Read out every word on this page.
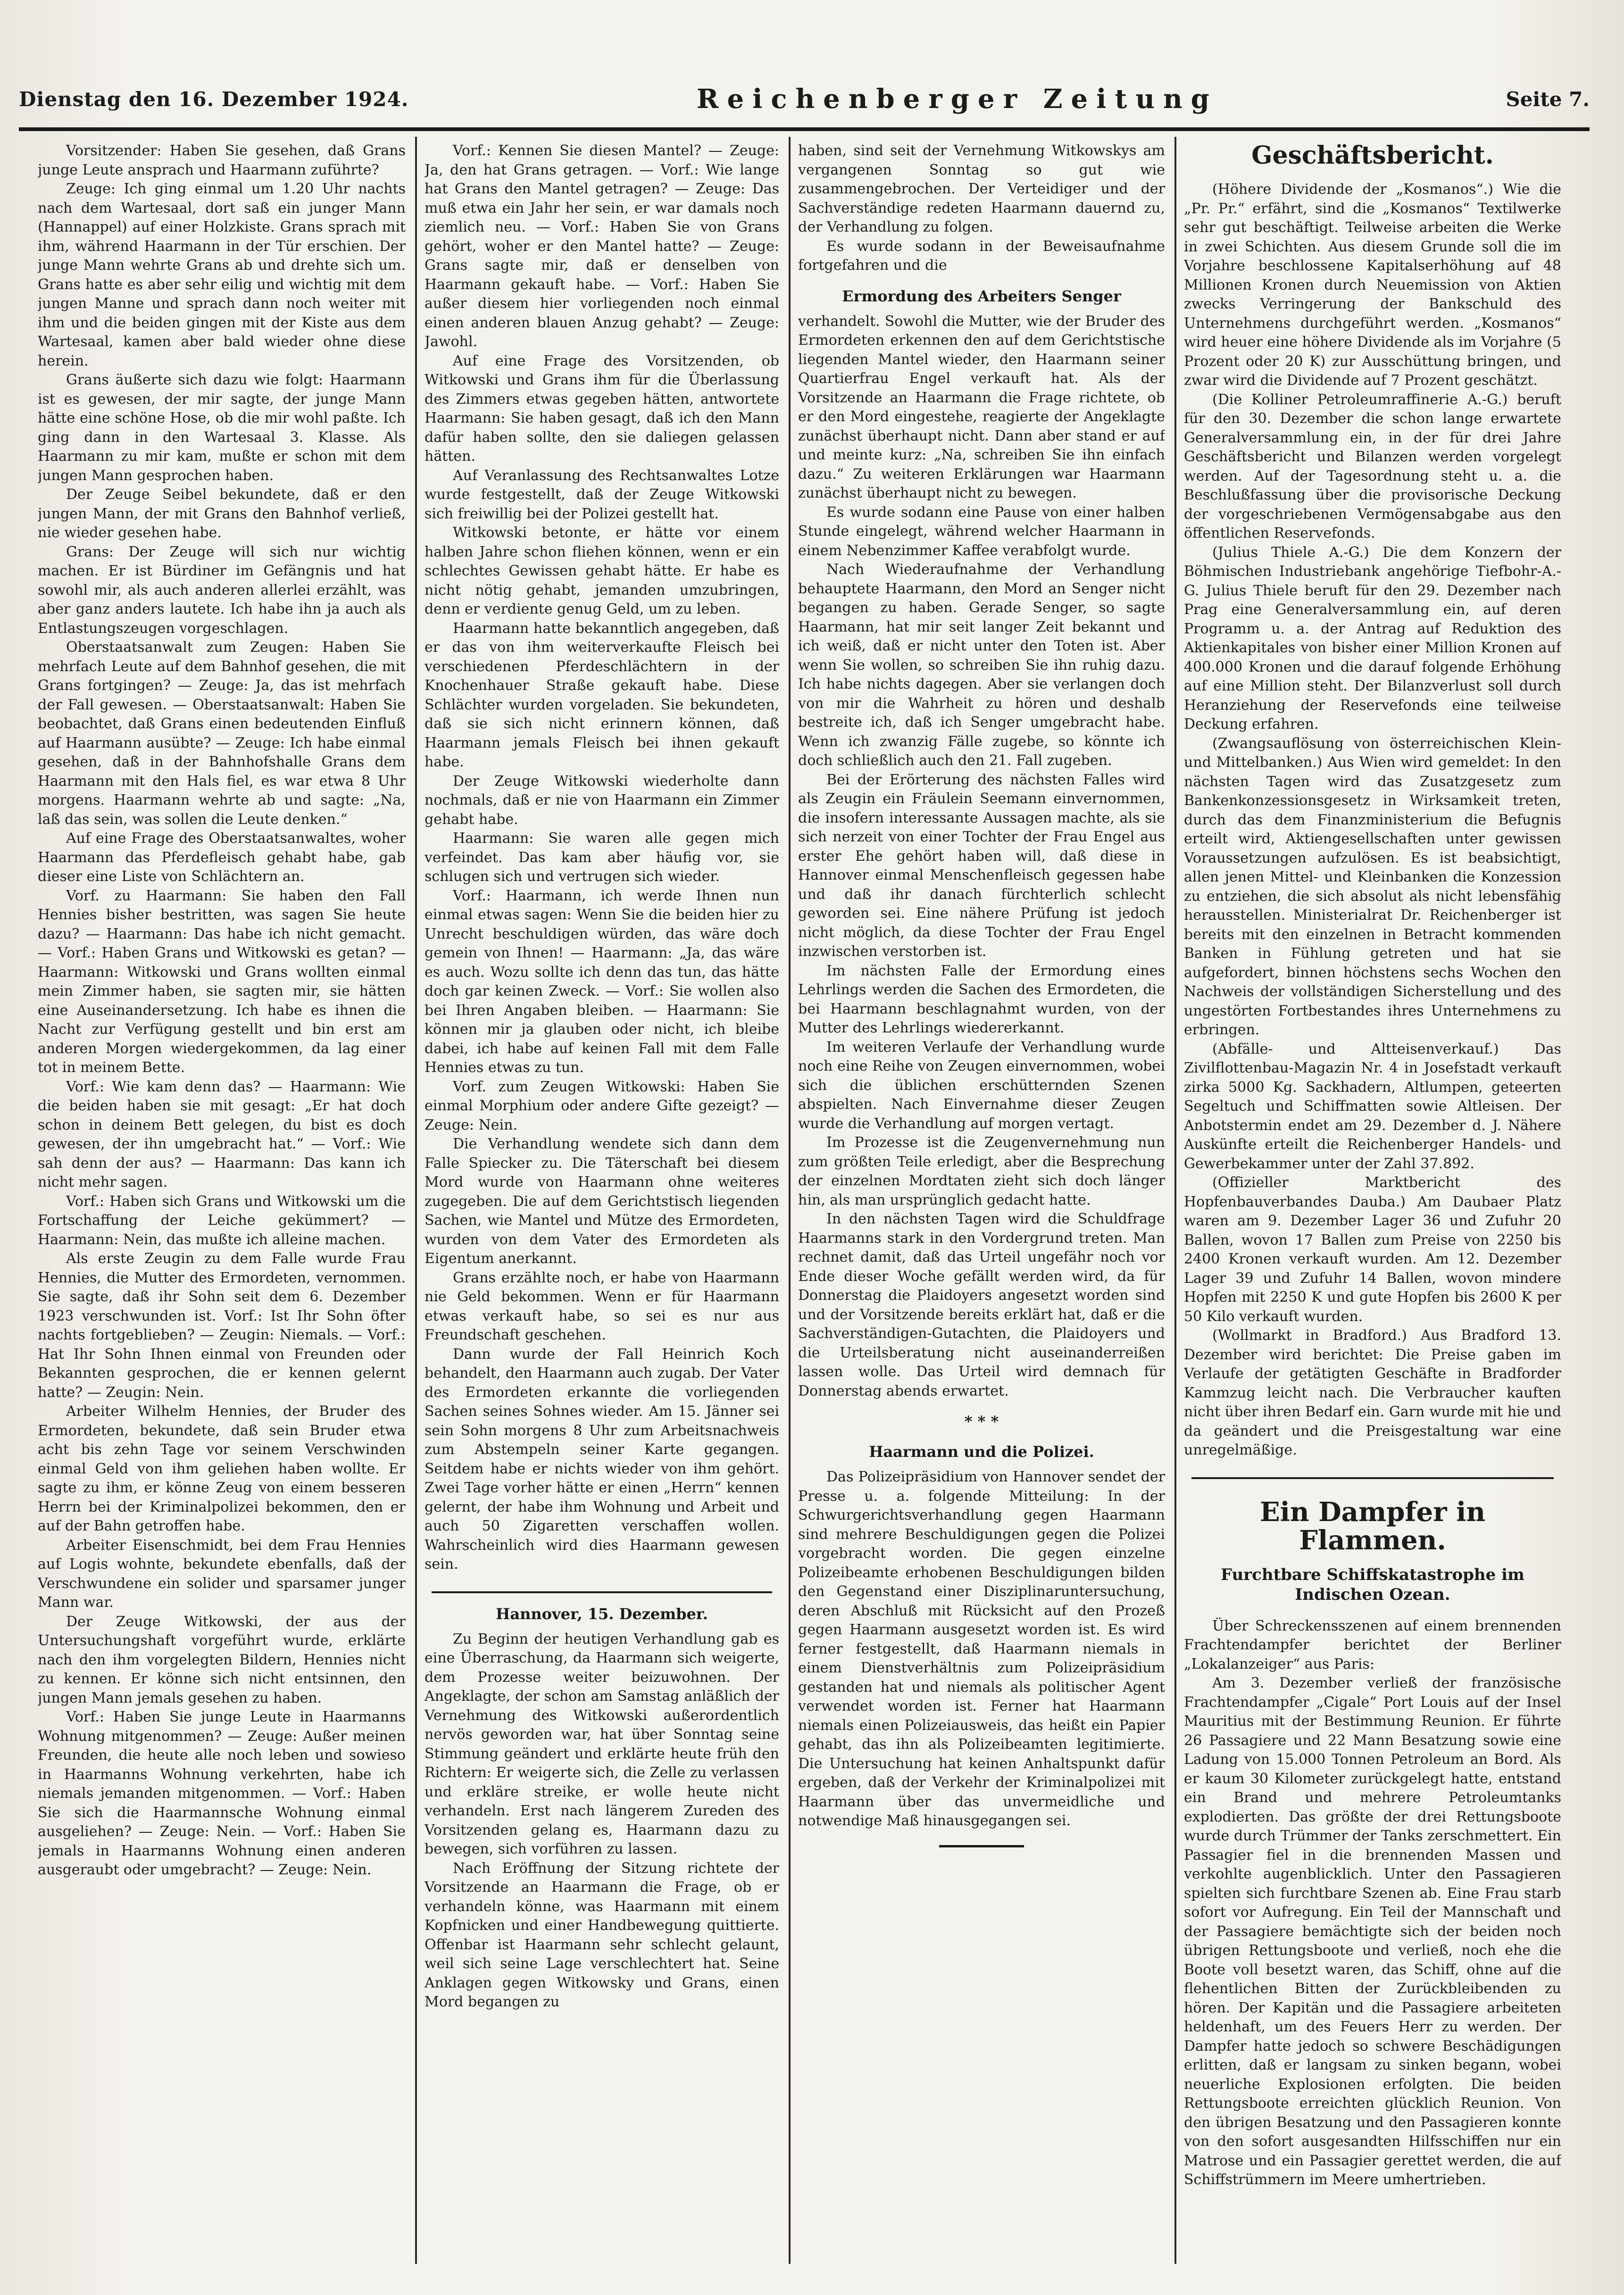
Dienstag den 16. Dezember 1924.	Reichenberger Zeitung	Seite 7.

Vorsitzender: Haben Sie gesehen, daß Grans junge Leute ansprach und Haarmann zuführte?

Zeuge: Ich ging einmal um 1.20 Uhr nachts nach dem Wartesaal, dort saß ein junger Mann (Hannappel) auf einer Holzkiste. Grans sprach mit ihm, während Haarmann in der Tür erschien. Der junge Mann wehrte Grans ab und drehte sich um. Grans hatte es aber sehr eilig und wichtig mit dem jungen Manne und sprach dann noch weiter mit ihm und die beiden gingen mit der Kiste aus dem Wartesaal, kamen aber bald wieder ohne diese herein.

Grans äußerte sich dazu wie folgt: Haarmann ist es gewesen, der mir sagte, der junge Mann hätte eine schöne Hose, ob die mir wohl paßte. Ich ging dann in den Wartesaal 3. Klasse. Als Haarmann zu mir kam, mußte er schon mit dem jungen Mann gesprochen haben.

Der Zeuge Seibel bekundete, daß er den jungen Mann, der mit Grans den Bahnhof verließ, nie wieder gesehen habe.

Grans: Der Zeuge will sich nur wichtig machen. Er ist Bürdiner im Gefängnis und hat sowohl mir, als auch anderen allerlei erzählt, was aber ganz anders lautete. Ich habe ihn ja auch als Entlastungszeugen vorgeschlagen.

Oberstaatsanwalt zum Zeugen: Haben Sie mehrfach Leute auf dem Bahnhof gesehen, die mit Grans fortgingen? — Zeuge: Ja, das ist mehrfach der Fall gewesen. — Oberstaatsanwalt: Haben Sie beobachtet, daß Grans einen bedeutenden Einfluß auf Haarmann ausübte? — Zeuge: Ich habe einmal gesehen, daß in der Bahnhofshalle Grans dem Haarmann mit den Hals fiel, es war etwa 8 Uhr morgens. Haarmann wehrte ab und sagte: „Na, laß das sein, was sollen die Leute denken.“

Auf eine Frage des Oberstaatsanwaltes, woher Haarmann das Pferdefleisch gehabt habe, gab dieser eine Liste von Schlächtern an.

Vorf. zu Haarmann: Sie haben den Fall Hennies bisher bestritten, was sagen Sie heute dazu? — Haarmann: Das habe ich nicht gemacht. — Vorf.: Haben Grans und Witkowski es getan? — Haarmann: Witkowski und Grans wollten einmal mein Zimmer haben, sie sagten mir, sie hätten eine Auseinandersetzung. Ich habe es ihnen die Nacht zur Verfügung gestellt und bin erst am anderen Morgen wiedergekommen, da lag einer tot in meinem Bette.

Vorf.: Wie kam denn das? — Haarmann: Wie die beiden haben sie mit gesagt: „Er hat doch schon in deinem Bett gelegen, du bist es doch gewesen, der ihn umgebracht hat.“ — Vorf.: Wie sah denn der aus? — Haarmann: Das kann ich nicht mehr sagen.

Vorf.: Haben sich Grans und Witkowski um die Fortschaffung der Leiche gekümmert? — Haarmann: Nein, das mußte ich alleine machen.

Als erste Zeugin zu dem Falle wurde Frau Hennies, die Mutter des Ermordeten, vernommen. Sie sagte, daß ihr Sohn seit dem 6. Dezember 1923 verschwunden ist. Vorf.: Ist Ihr Sohn öfter nachts fortgeblieben? — Zeugin: Niemals. — Vorf.: Hat Ihr Sohn Ihnen einmal von Freunden oder Bekannten gesprochen, die er kennen gelernt hatte? — Zeugin: Nein.

Arbeiter Wilhelm Hennies, der Bruder des Ermordeten, bekundete, daß sein Bruder etwa acht bis zehn Tage vor seinem Verschwinden einmal Geld von ihm geliehen haben wollte. Er sagte zu ihm, er könne Zeug von einem besseren Herrn bei der Kriminalpolizei bekommen, den er auf der Bahn getroffen habe.

Arbeiter Eisenschmidt, bei dem Frau Hennies auf Logis wohnte, bekundete ebenfalls, daß der Verschwundene ein solider und sparsamer junger Mann war.

Der Zeuge Witkowski, der aus der Untersuchungshaft vorgeführt wurde, erklärte nach den ihm vorgelegten Bildern, Hennies nicht zu kennen. Er könne sich nicht entsinnen, den jungen Mann jemals gesehen zu haben.

Vorf.: Haben Sie junge Leute in Haarmanns Wohnung mitgenommen? — Zeuge: Außer meinen Freunden, die heute alle noch leben und sowieso in Haarmanns Wohnung verkehrten, habe ich niemals jemanden mitgenommen. — Vorf.: Haben Sie sich die Haarmannsche Wohnung einmal ausgeliehen? — Zeuge: Nein. — Vorf.: Haben Sie jemals in Haarmanns Wohnung einen anderen ausgeraubt oder umgebracht? — Zeuge: Nein.

Vorf.: Kennen Sie diesen Mantel? — Zeuge: Ja, den hat Grans getragen. — Vorf.: Wie lange hat Grans den Mantel getragen? — Zeuge: Das muß etwa ein Jahr her sein, er war damals noch ziemlich neu. — Vorf.: Haben Sie von Grans gehört, woher er den Mantel hatte? — Zeuge: Grans sagte mir, daß er denselben von Haarmann gekauft habe. — Vorf.: Haben Sie außer diesem hier vorliegenden noch einmal einen anderen blauen Anzug gehabt? — Zeuge: Jawohl.

Auf eine Frage des Vorsitzenden, ob Witkowski und Grans ihm für die Überlassung des Zimmers etwas gegeben hätten, antwortete Haarmann: Sie haben gesagt, daß ich den Mann dafür haben sollte, den sie daliegen gelassen hätten.

Auf Veranlassung des Rechtsanwaltes Lotze wurde festgestellt, daß der Zeuge Witkowski sich freiwillig bei der Polizei gestellt hat.

Witkowski betonte, er hätte vor einem halben Jahre schon fliehen können, wenn er ein schlechtes Gewissen gehabt hätte. Er habe es nicht nötig gehabt, jemanden umzubringen, denn er verdiente genug Geld, um zu leben.

Haarmann hatte bekanntlich angegeben, daß er das von ihm weiterverkaufte Fleisch bei verschiedenen Pferdeschlächtern in der Knochenhauer Straße gekauft habe. Diese Schlächter wurden vorgeladen. Sie bekundeten, daß sie sich nicht erinnern können, daß Haarmann jemals Fleisch bei ihnen gekauft habe.

Der Zeuge Witkowski wiederholte dann nochmals, daß er nie von Haarmann ein Zimmer gehabt habe.

Haarmann: Sie waren alle gegen mich verfeindet. Das kam aber häufig vor, sie schlugen sich und vertrugen sich wieder.

Vorf.: Haarmann, ich werde Ihnen nun einmal etwas sagen: Wenn Sie die beiden hier zu Unrecht beschuldigen würden, das wäre doch gemein von Ihnen! — Haarmann: „Ja, das wäre es auch. Wozu sollte ich denn das tun, das hätte doch gar keinen Zweck. — Vorf.: Sie wollen also bei Ihren Angaben bleiben. — Haarmann: Sie können mir ja glauben oder nicht, ich bleibe dabei, ich habe auf keinen Fall mit dem Falle Hennies etwas zu tun.

Vorf. zum Zeugen Witkowski: Haben Sie einmal Morphium oder andere Gifte gezeigt? — Zeuge: Nein.

Die Verhandlung wendete sich dann dem Falle Spiecker zu. Die Täterschaft bei diesem Mord wurde von Haarmann ohne weiteres zugegeben. Die auf dem Gerichtstisch liegenden Sachen, wie Mantel und Mütze des Ermordeten, wurden von dem Vater des Ermordeten als Eigentum anerkannt.

Grans erzählte noch, er habe von Haarmann nie Geld bekommen. Wenn er für Haarmann etwas verkauft habe, so sei es nur aus Freundschaft geschehen.

Dann wurde der Fall Heinrich Koch behandelt, den Haarmann auch zugab. Der Vater des Ermordeten erkannte die vorliegenden Sachen seines Sohnes wieder. Am 15. Jänner sei sein Sohn morgens 8 Uhr zum Arbeitsnachweis zum Abstempeln seiner Karte gegangen. Seitdem habe er nichts wieder von ihm gehört. Zwei Tage vorher hätte er einen „Herrn“ kennen gelernt, der habe ihm Wohnung und Arbeit und auch 50 Zigaretten verschaffen wollen. Wahrscheinlich wird dies Haarmann gewesen sein.

Hannover, 15. Dezember.

Zu Beginn der heutigen Verhandlung gab es eine Überraschung, da Haarmann sich weigerte, dem Prozesse weiter beizuwohnen. Der Angeklagte, der schon am Samstag anläßlich der Vernehmung des Witkowski außerordentlich nervös geworden war, hat über Sonntag seine Stimmung geändert und erklärte heute früh den Richtern: Er weigerte sich, die Zelle zu verlassen und erkläre streike, er wolle heute nicht verhandeln. Erst nach längerem Zureden des Vorsitzenden gelang es, Haarmann dazu zu bewegen, sich vorführen zu lassen.

Nach Eröffnung der Sitzung richtete der Vorsitzende an Haarmann die Frage, ob er verhandeln könne, was Haarmann mit einem Kopfnicken und einer Handbewegung quittierte. Offenbar ist Haarmann sehr schlecht gelaunt, weil sich seine Lage verschlechtert hat. Seine Anklagen gegen Witkowsky und Grans, einen Mord begangen zu

haben, sind seit der Vernehmung Witkowskys am vergangenen Sonntag so gut wie zusammengebrochen. Der Verteidiger und der Sachverständige redeten Haarmann dauernd zu, der Verhandlung zu folgen.

Es wurde sodann in der Beweisaufnahme fortgefahren und die

Ermordung des Arbeiters Senger

verhandelt. Sowohl die Mutter, wie der Bruder des Ermordeten erkennen den auf dem Gerichtstische liegenden Mantel wieder, den Haarmann seiner Quartierfrau Engel verkauft hat. Als der Vorsitzende an Haarmann die Frage richtete, ob er den Mord eingestehe, reagierte der Angeklagte zunächst überhaupt nicht. Dann aber stand er auf und meinte kurz: „Na, schreiben Sie ihn einfach dazu.“ Zu weiteren Erklärungen war Haarmann zunächst überhaupt nicht zu bewegen.

Es wurde sodann eine Pause von einer halben Stunde eingelegt, während welcher Haarmann in einem Nebenzimmer Kaffee verabfolgt wurde.

Nach Wiederaufnahme der Verhandlung behauptete Haarmann, den Mord an Senger nicht begangen zu haben. Gerade Senger, so sagte Haarmann, hat mir seit langer Zeit bekannt und ich weiß, daß er nicht unter den Toten ist. Aber wenn Sie wollen, so schreiben Sie ihn ruhig dazu. Ich habe nichts dagegen. Aber sie verlangen doch von mir die Wahrheit zu hören und deshalb bestreite ich, daß ich Senger umgebracht habe. Wenn ich zwanzig Fälle zugebe, so könnte ich doch schließlich auch den 21. Fall zugeben.

Bei der Erörterung des nächsten Falles wird als Zeugin ein Fräulein Seemann einvernommen, die insofern interessante Aussagen machte, als sie sich nerzeit von einer Tochter der Frau Engel aus erster Ehe gehört haben will, daß diese in Hannover einmal Menschenfleisch gegessen habe und daß ihr danach fürchterlich schlecht geworden sei. Eine nähere Prüfung ist jedoch nicht möglich, da diese Tochter der Frau Engel inzwischen verstorben ist.

Im nächsten Falle der Ermordung eines Lehrlings werden die Sachen des Ermordeten, die bei Haarmann beschlagnahmt wurden, von der Mutter des Lehrlings wiedererkannt.

Im weiteren Verlaufe der Verhandlung wurde noch eine Reihe von Zeugen einvernommen, wobei sich die üblichen erschütternden Szenen abspielten. Nach Einvernahme dieser Zeugen wurde die Verhandlung auf morgen vertagt.

Im Prozesse ist die Zeugenvernehmung nun zum größten Teile erledigt, aber die Besprechung der einzelnen Mordtaten zieht sich doch länger hin, als man ursprünglich gedacht hatte.

In den nächsten Tagen wird die Schuldfrage Haarmanns stark in den Vordergrund treten. Man rechnet damit, daß das Urteil ungefähr noch vor Ende dieser Woche gefällt werden wird, da für Donnerstag die Plaidoyers angesetzt worden sind und der Vorsitzende bereits erklärt hat, daß er die Sachverständigen-Gutachten, die Plaidoyers und die Urteilsberatung nicht auseinanderreißen lassen wolle. Das Urteil wird demnach für Donnerstag abends erwartet.

* * *
Haarmann und die Polizei.

Das Polizeipräsidium von Hannover sendet der Presse u. a. folgende Mitteilung: In der Schwurgerichtsverhandlung gegen Haarmann sind mehrere Beschuldigungen gegen die Polizei vorgebracht worden. Die gegen einzelne Polizeibeamte erhobenen Beschuldigungen bilden den Gegenstand einer Disziplinaruntersuchung, deren Abschluß mit Rücksicht auf den Prozeß gegen Haarmann ausgesetzt worden ist. Es wird ferner festgestellt, daß Haarmann niemals in einem Dienstverhältnis zum Polizeipräsidium gestanden hat und niemals als politischer Agent verwendet worden ist. Ferner hat Haarmann niemals einen Polizeiausweis, das heißt ein Papier gehabt, das ihn als Polizeibeamten legitimierte. Die Untersuchung hat keinen Anhaltspunkt dafür ergeben, daß der Verkehr der Kriminalpolizei mit Haarmann über das unvermeidliche und notwendige Maß hinausgegangen sei.

Geschäftsbericht.

(Höhere Dividende der „Kosmanos“.) Wie die „Pr. Pr.“ erfährt, sind die „Kosmanos“ Textilwerke sehr gut beschäftigt. Teilweise arbeiten die Werke in zwei Schichten. Aus diesem Grunde soll die im Vorjahre beschlossene Kapitalserhöhung auf 48 Millionen Kronen durch Neuemission von Aktien zwecks Verringerung der Bankschuld des Unternehmens durchgeführt werden. „Kosmanos“ wird heuer eine höhere Dividende als im Vorjahre (5 Prozent oder 20 K) zur Ausschüttung bringen, und zwar wird die Dividende auf 7 Prozent geschätzt.

(Die Kolliner Petroleumraffinerie A.-G.) beruft für den 30. Dezember die schon lange erwartete Generalversammlung ein, in der für drei Jahre Geschäftsbericht und Bilanzen werden vorgelegt werden. Auf der Tagesordnung steht u. a. die Beschlußfassung über die provisorische Deckung der vorgeschriebenen Vermögensabgabe aus den öffentlichen Reservefonds.

(Julius Thiele A.-G.) Die dem Konzern der Böhmischen Industriebank angehörige Tiefbohr-A.-G. Julius Thiele beruft für den 29. Dezember nach Prag eine Generalversammlung ein, auf deren Programm u. a. der Antrag auf Reduktion des Aktienkapitales von bisher einer Million Kronen auf 400.000 Kronen und die darauf folgende Erhöhung auf eine Million steht. Der Bilanzverlust soll durch Heranziehung der Reservefonds eine teilweise Deckung erfahren.

(Zwangsauflösung von österreichischen Klein- und Mittelbanken.) Aus Wien wird gemeldet: In den nächsten Tagen wird das Zusatzgesetz zum Bankenkonzessionsgesetz in Wirksamkeit treten, durch das dem Finanzministerium die Befugnis erteilt wird, Aktiengesellschaften unter gewissen Voraussetzungen aufzulösen. Es ist beabsichtigt, allen jenen Mittel- und Kleinbanken die Konzession zu entziehen, die sich absolut als nicht lebensfähig herausstellen. Ministerialrat Dr. Reichenberger ist bereits mit den einzelnen in Betracht kommenden Banken in Fühlung getreten und hat sie aufgefordert, binnen höchstens sechs Wochen den Nachweis der vollständigen Sicherstellung und des ungestörten Fortbestandes ihres Unternehmens zu erbringen.

(Abfälle- und Altteisenverkauf.) Das Zivilflottenbau-Magazin Nr. 4 in Josefstadt verkauft zirka 5000 Kg. Sackhadern, Altlumpen, geteerten Segeltuch und Schiffmatten sowie Altleisen. Der Anbotstermin endet am 29. Dezember d. J. Nähere Auskünfte erteilt die Reichenberger Handels- und Gewerbekammer unter der Zahl 37.892.

(Offizieller Marktbericht des Hopfenbauverbandes Dauba.) Am Daubaer Platz waren am 9. Dezember Lager 36 und Zufuhr 20 Ballen, wovon 17 Ballen zum Preise von 2250 bis 2400 Kronen verkauft wurden. Am 12. Dezember Lager 39 und Zufuhr 14 Ballen, wovon mindere Hopfen mit 2250 K und gute Hopfen bis 2600 K per 50 Kilo verkauft wurden.

(Wollmarkt in Bradford.) Aus Bradford 13. Dezember wird berichtet: Die Preise gaben im Verlaufe der getätigten Geschäfte in Bradforder Kammzug leicht nach. Die Verbraucher kauften nicht über ihren Bedarf ein. Garn wurde mit hie und da geändert und die Preisgestaltung war eine unregelmäßige.

Ein Dampfer in Flammen.
Furchtbare Schiffskatastrophe im Indischen Ozean.

Über Schreckensszenen auf einem brennenden Frachtendampfer berichtet der Berliner „Lokalanzeiger“ aus Paris:

Am 3. Dezember verließ der französische Frachtendampfer „Cigale“ Port Louis auf der Insel Mauritius mit der Bestimmung Reunion. Er führte 26 Passagiere und 22 Mann Besatzung sowie eine Ladung von 15.000 Tonnen Petroleum an Bord. Als er kaum 30 Kilometer zurückgelegt hatte, entstand ein Brand und mehrere Petroleumtanks explodierten. Das größte der drei Rettungsboote wurde durch Trümmer der Tanks zerschmettert. Ein Passagier fiel in die brennenden Massen und verkohlte augenblicklich. Unter den Passagieren spielten sich furchtbare Szenen ab. Eine Frau starb sofort vor Aufregung. Ein Teil der Mannschaft und der Passagiere bemächtigte sich der beiden noch übrigen Rettungsboote und verließ, noch ehe die Boote voll besetzt waren, das Schiff, ohne auf die flehentlichen Bitten der Zurückbleibenden zu hören. Der Kapitän und die Passagiere arbeiteten heldenhaft, um des Feuers Herr zu werden. Der Dampfer hatte jedoch so schwere Beschädigungen erlitten, daß er langsam zu sinken begann, wobei neuerliche Explosionen erfolgten. Die beiden Rettungsboote erreichten glücklich Reunion. Von den übrigen Besatzung und den Passagieren konnte von den sofort ausgesandten Hilfsschiffen nur ein Matrose und ein Passagier gerettet werden, die auf Schiffstrümmern im Meere umhertrieben.
